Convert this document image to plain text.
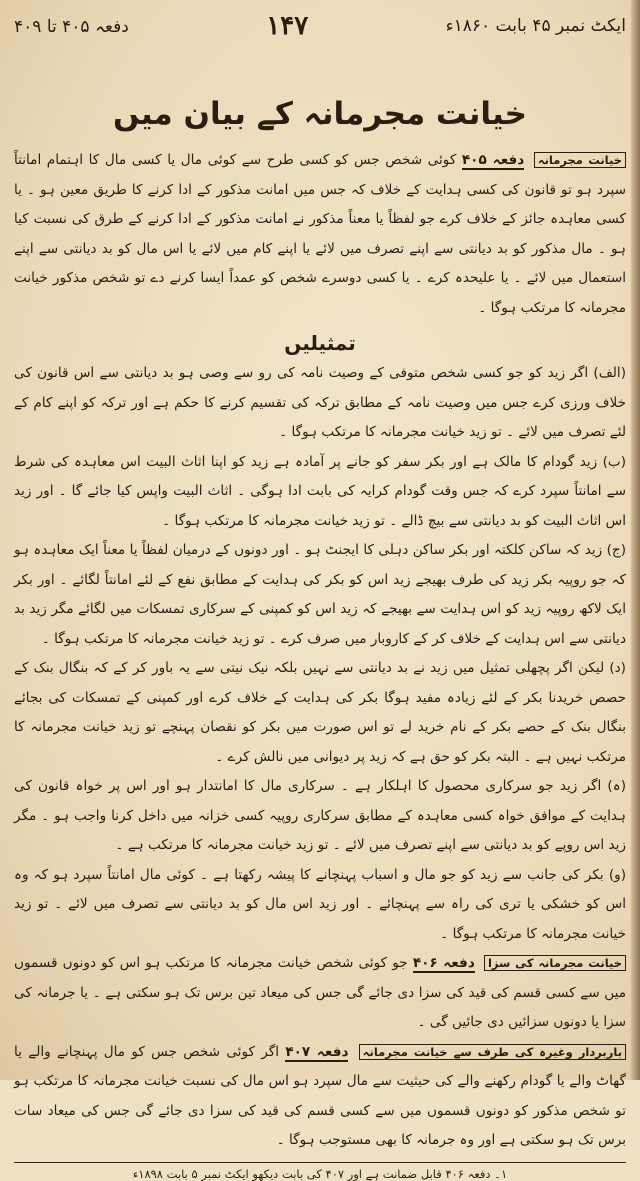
ایکٹ نمبر ۴۵ بابت ۱۸۶۰ء
۱۴۷
دفعہ ۴۰۵ تا ۴۰۹
خیانت مجرمانہ کے بیان میں
خیانت مجرمانہ دفعہ ۴۰۵ کوئی شخص جس کو کسی طرح سے کوئی مال یا کسی مال کا اہتمام امانتاً سپرد ہو تو قانون کی کسی ہدایت کے خلاف کہ جس میں امانت مذکور کے ادا کرنے کا طریق معین ہو ۔ یا کسی معاہدہ جائز کے خلاف کرے جو لفظاً یا معناً مذکور نے امانت مذکور کے ادا کرنے کے طرق کی نسبت کیا ہو ۔ مال مذکور کو بد دیانتی سے اپنے تصرف میں لائے یا اپنے کام میں لائے یا اس مال کو بد دیانتی سے اپنے استعمال میں لائے ۔ یا علیحدہ کرے ۔ یا کسی دوسرے شخص کو عمداً ایسا کرنے دے تو شخص مذکور خیانت مجرمانہ کا مرتکب ہوگا ۔
تمثیلیں
(الف) اگر زید کو جو کسی شخص متوفی کے وصیت نامہ کی رو سے وصی ہو بد دیانتی سے اس قانون کی خلاف ورزی کرے جس میں وصیت نامہ کے مطابق ترکہ کی تقسیم کرنے کا حکم ہے اور ترکہ کو اپنے کام کے لئے تصرف میں لائے ۔ تو زید خیانت مجرمانہ کا مرتکب ہوگا ۔
(ب) زید گودام کا مالک ہے اور بکر سفر کو جانے پر آمادہ ہے زید کو اپنا اثاث البیت اس معاہدہ کی شرط سے امانتاً سپرد کرے کہ جس وقت گودام کرایہ کی بابت ادا ہوگی ۔ اثاث البیت واپس کیا جائے گا ۔ اور زید اس اثاث البیت کو بد دیانتی سے بیچ ڈالے ۔ تو زید خیانت مجرمانہ کا مرتکب ہوگا ۔
(ج) زید کہ ساکن کلکتہ اور بکر ساکن دہلی کا ایجنٹ ہو ۔ اور دونوں کے درمیان لفظاً یا معناً ایک معاہدہ ہو کہ جو روپیہ بکر زید کی طرف بھیجے زید اس کو بکر کی ہدایت کے مطابق نفع کے لئے امانتاً لگائے ۔ اور بکر ایک لاکھ روپیہ زید کو اس ہدایت سے بھیجے کہ زید اس کو کمپنی کے سرکاری تمسکات میں لگائے مگر زید بد دیانتی سے اس ہدایت کے خلاف کر کے کاروبار میں صرف کرے ۔ تو زید خیانت مجرمانہ کا مرتکب ہوگا ۔
(د) لیکن اگر پچھلی تمثیل میں زید نے بد دیانتی سے نہیں بلکہ نیک نیتی سے یہ باور کر کے کہ بنگال بنک کے حصص خریدنا بکر کے لئے زیادہ مفید ہوگا بکر کی ہدایت کے خلاف کرے اور کمپنی کے تمسکات کی بجائے بنگال بنک کے حصے بکر کے نام خرید لے تو اس صورت میں بکر کو نقصان پہنچے تو زید خیانت مجرمانہ کا مرتکب نہیں ہے ۔ البتہ بکر کو حق ہے کہ زید پر دیوانی میں نالش کرے ۔
(ہ) اگر زید جو سرکاری محصول کا اہلکار ہے ۔ سرکاری مال کا امانتدار ہو اور اس پر خواہ قانون کی ہدایت کے موافق خواہ کسی معاہدہ کے مطابق سرکاری روپیہ کسی خزانہ میں داخل کرنا واجب ہو ۔ مگر زید اس روپے کو بد دیانتی سے اپنے تصرف میں لائے ۔ تو زید خیانت مجرمانہ کا مرتکب ہے ۔
(و) بکر کی جانب سے زید کو جو مال و اسباب پہنچانے کا پیشہ رکھتا ہے ۔ کوئی مال امانتاً سپرد ہو کہ وہ اس کو خشکی یا تری کی راہ سے پہنچائے ۔ اور زید اس مال کو بد دیانتی سے تصرف میں لائے ۔ تو زید خیانت مجرمانہ کا مرتکب ہوگا ۔
خیانت مجرمانہ کی سزا دفعہ ۴۰۶ جو کوئی شخص خیانت مجرمانہ کا مرتکب ہو اس کو دونوں قسموں میں سے کسی قسم کی قید کی سزا دی جائے گی جس کی میعاد تین برس تک ہو سکتی ہے ۔ یا جرمانہ کی سزا یا دونوں سزائیں دی جائیں گی ۔
باربردار وغیرہ کی طرف سے خیانت مجرمانہ دفعہ ۴۰۷ اگر کوئی شخص جس کو مال پہنچانے والے یا گھاٹ والے یا گودام رکھنے والے کی حیثیت سے مال سپرد ہو اس مال کی نسبت خیانت مجرمانہ کا مرتکب ہو تو شخص مذکور کو دونوں قسموں میں سے کسی قسم کی قید کی سزا دی جائے گی جس کی میعاد سات برس تک ہو سکتی ہے اور وہ جرمانہ کا بھی مستوجب ہوگا ۔
۱۔ دفعہ ۴۰۶ قابل ضمانت ہے اور ۴۰۷ کی بابت دیکھو ایکٹ نمبر ۵ بابت ۱۸۹۸ء
